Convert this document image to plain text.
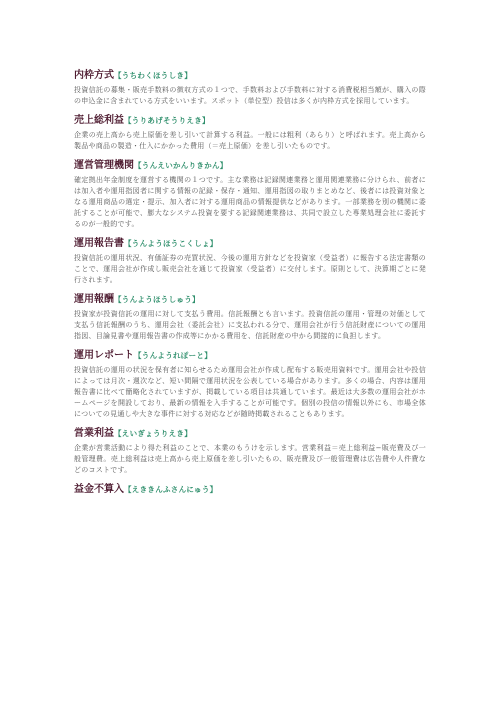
内枠方式【うちわくほうしき】

投資信託の募集・販売手数料の徴収方式の１つで、手数料および手数料に対する消費税相当額が、購入の際の申込金に含まれている方式をいいます。スポット（単位型）投信は多くが内枠方式を採用しています。

売上総利益【うりあげそうりえき】

企業の売上高から売上原価を差し引いて計算する利益。一般には粗利（あらり）と呼ばれます。売上高から製品や商品の製造・仕入にかかった費用（＝売上原価）を差し引いたものです。

運営管理機関【うんえいかんりきかん】

確定拠出年金制度を運営する機関の１つです。主な業務は記録関連業務と運用関連業務に分けられ、前者には加入者や運用指図者に関する情報の記録・保存・通知、運用指図の取りまとめなど、後者には投資対象となる運用商品の選定・提示、加入者に対する運用商品の情報提供などがあります。一部業務を別の機関に委託することが可能で、膨大なシステム投資を要する記録関連業務は、共同で設立した専業処理会社に委託するのが一般的です。

運用報告書【うんようほうこくしょ】

投資信託の運用状況、有価証券の売買状況、今後の運用方針などを投資家（受益者）に報告する法定書類のことで、運用会社が作成し販売会社を通じて投資家（受益者）に交付します。原則として、決算期ごとに発行されます。

運用報酬【うんようほうしゅう】

投資家が投資信託の運用に対して支払う費用。信託報酬とも言います。投資信託の運用・管理の対価として支払う信託報酬のうち、運用会社（委託会社）に支払われる分で、運用会社が行う信託財産についての運用指図、目論見書や運用報告書の作成等にかかる費用を、信託財産の中から間接的に負担します。

運用レポート【うんようれぽーと】

投資信託の運用の状況を保有者に知らせるため運用会社が作成し配布する販売用資料です。運用会社や投信によっては月次・週次など、短い間隔で運用状況を公表している場合があります。多くの場合、内容は運用報告書に比べて簡略化されていますが、掲載している項目は共通しています。最近は大多数の運用会社がホームページを開設しており、最新の情報を入手することが可能です。個別の投信の情報以外にも、市場全体についての見通しや大きな事件に対する対応などが随時掲載されることもあります。

営業利益【えいぎょうりえき】

企業が営業活動により得た利益のことで、本業のもうけを示します。営業利益＝売上総利益−販売費及び一般管理費。売上総利益は売上高から売上原価を差し引いたもの、販売費及び一般管理費は広告費や人件費などのコストです。

益金不算入【えききんふさんにゅう】
